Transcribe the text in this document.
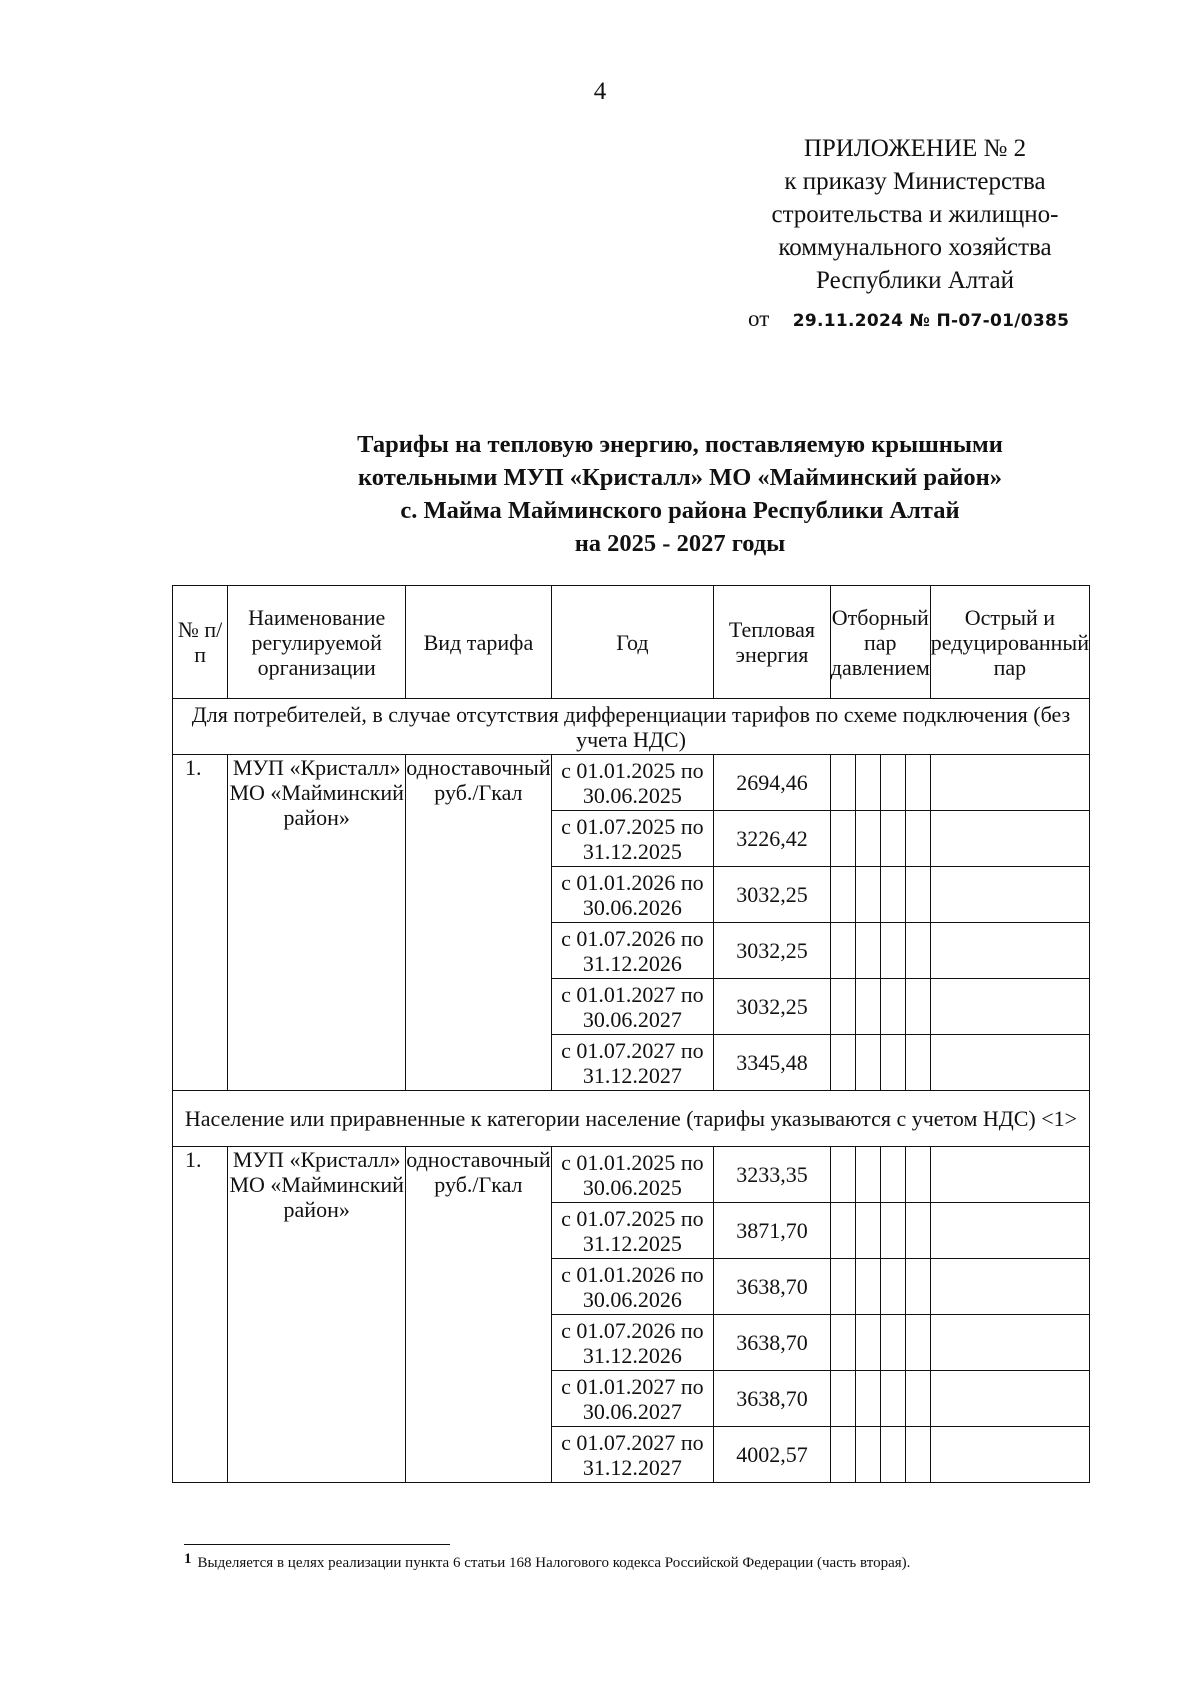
4
ПРИЛОЖЕНИЕ № 2
к приказу Министерства
строительства и жилищно-
коммунального хозяйства
Республики Алтай
от 29.11.2024 № П-07-01/0385
Тарифы на тепловую энергию, поставляемую крышными
котельными МУП «Кристалл» МО «Майминский район»
с. Майма Майминского района Республики Алтай
на 2025 - 2027 годы
№ п/п	Наименование регулируемой организации	Вид тарифа	Год	Тепловая энергия	Отборный пар давлением				Острый и редуцированный пар
Для потребителей, в случае отсутствия дифференциации тарифов по схеме подключения (без учета НДС)									
1.	МУП «Кристалл» МО «Майминский район»	одноставочный руб./Гкал	с 01.01.2025 по 30.06.2025	2694,46					
			с 01.07.2025 по 31.12.2025	3226,42					
			с 01.01.2026 по 30.06.2026	3032,25					
			с 01.07.2026 по 31.12.2026	3032,25					
			с 01.01.2027 по 30.06.2027	3032,25					
			с 01.07.2027 по 31.12.2027	3345,48					
Население или приравненные к категории население (тарифы указываются с учетом НДС) <1>									
1.	МУП «Кристалл» МО «Майминский район»	одноставочный руб./Гкал	с 01.01.2025 по 30.06.2025	3233,35					
			с 01.07.2025 по 31.12.2025	3871,70					
			с 01.01.2026 по 30.06.2026	3638,70					
			с 01.07.2026 по 31.12.2026	3638,70					
			с 01.01.2027 по 30.06.2027	3638,70					
			с 01.07.2027 по 31.12.2027	4002,57					
$^1$ Выделяется в целях реализации пункта 6 статьи 168 Налогового кодекса Российской Федерации (часть вторая).
